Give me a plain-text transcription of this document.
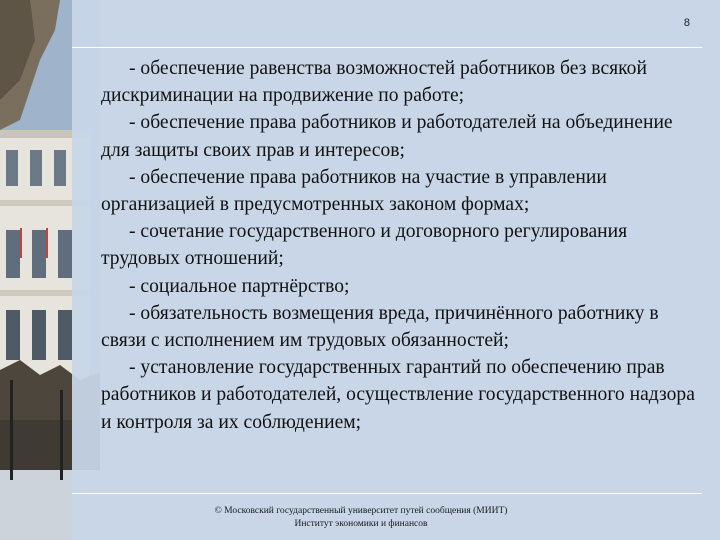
8

- обеспечение равенства возможностей работников без всякой дискриминации на продвижение по работе;

- обеспечение права работников и работодателей на объединение для защиты своих прав и интересов;

- обеспечение права работников на участие в управлении организацией в предусмотренных законом формах;

- сочетание государственного и договорного регулирования трудовых отношений;

- социальное партнёрство;

- обязательность возмещения вреда, причинённого работнику в связи с исполнением им трудовых обязанностей;

- установление государственных гарантий по обеспечению прав работников и работодателей, осуществление государственного надзора и контроля за их соблюдением;

© Московский государственный университет путей сообщения (МИИТ)
Институт экономики и финансов
